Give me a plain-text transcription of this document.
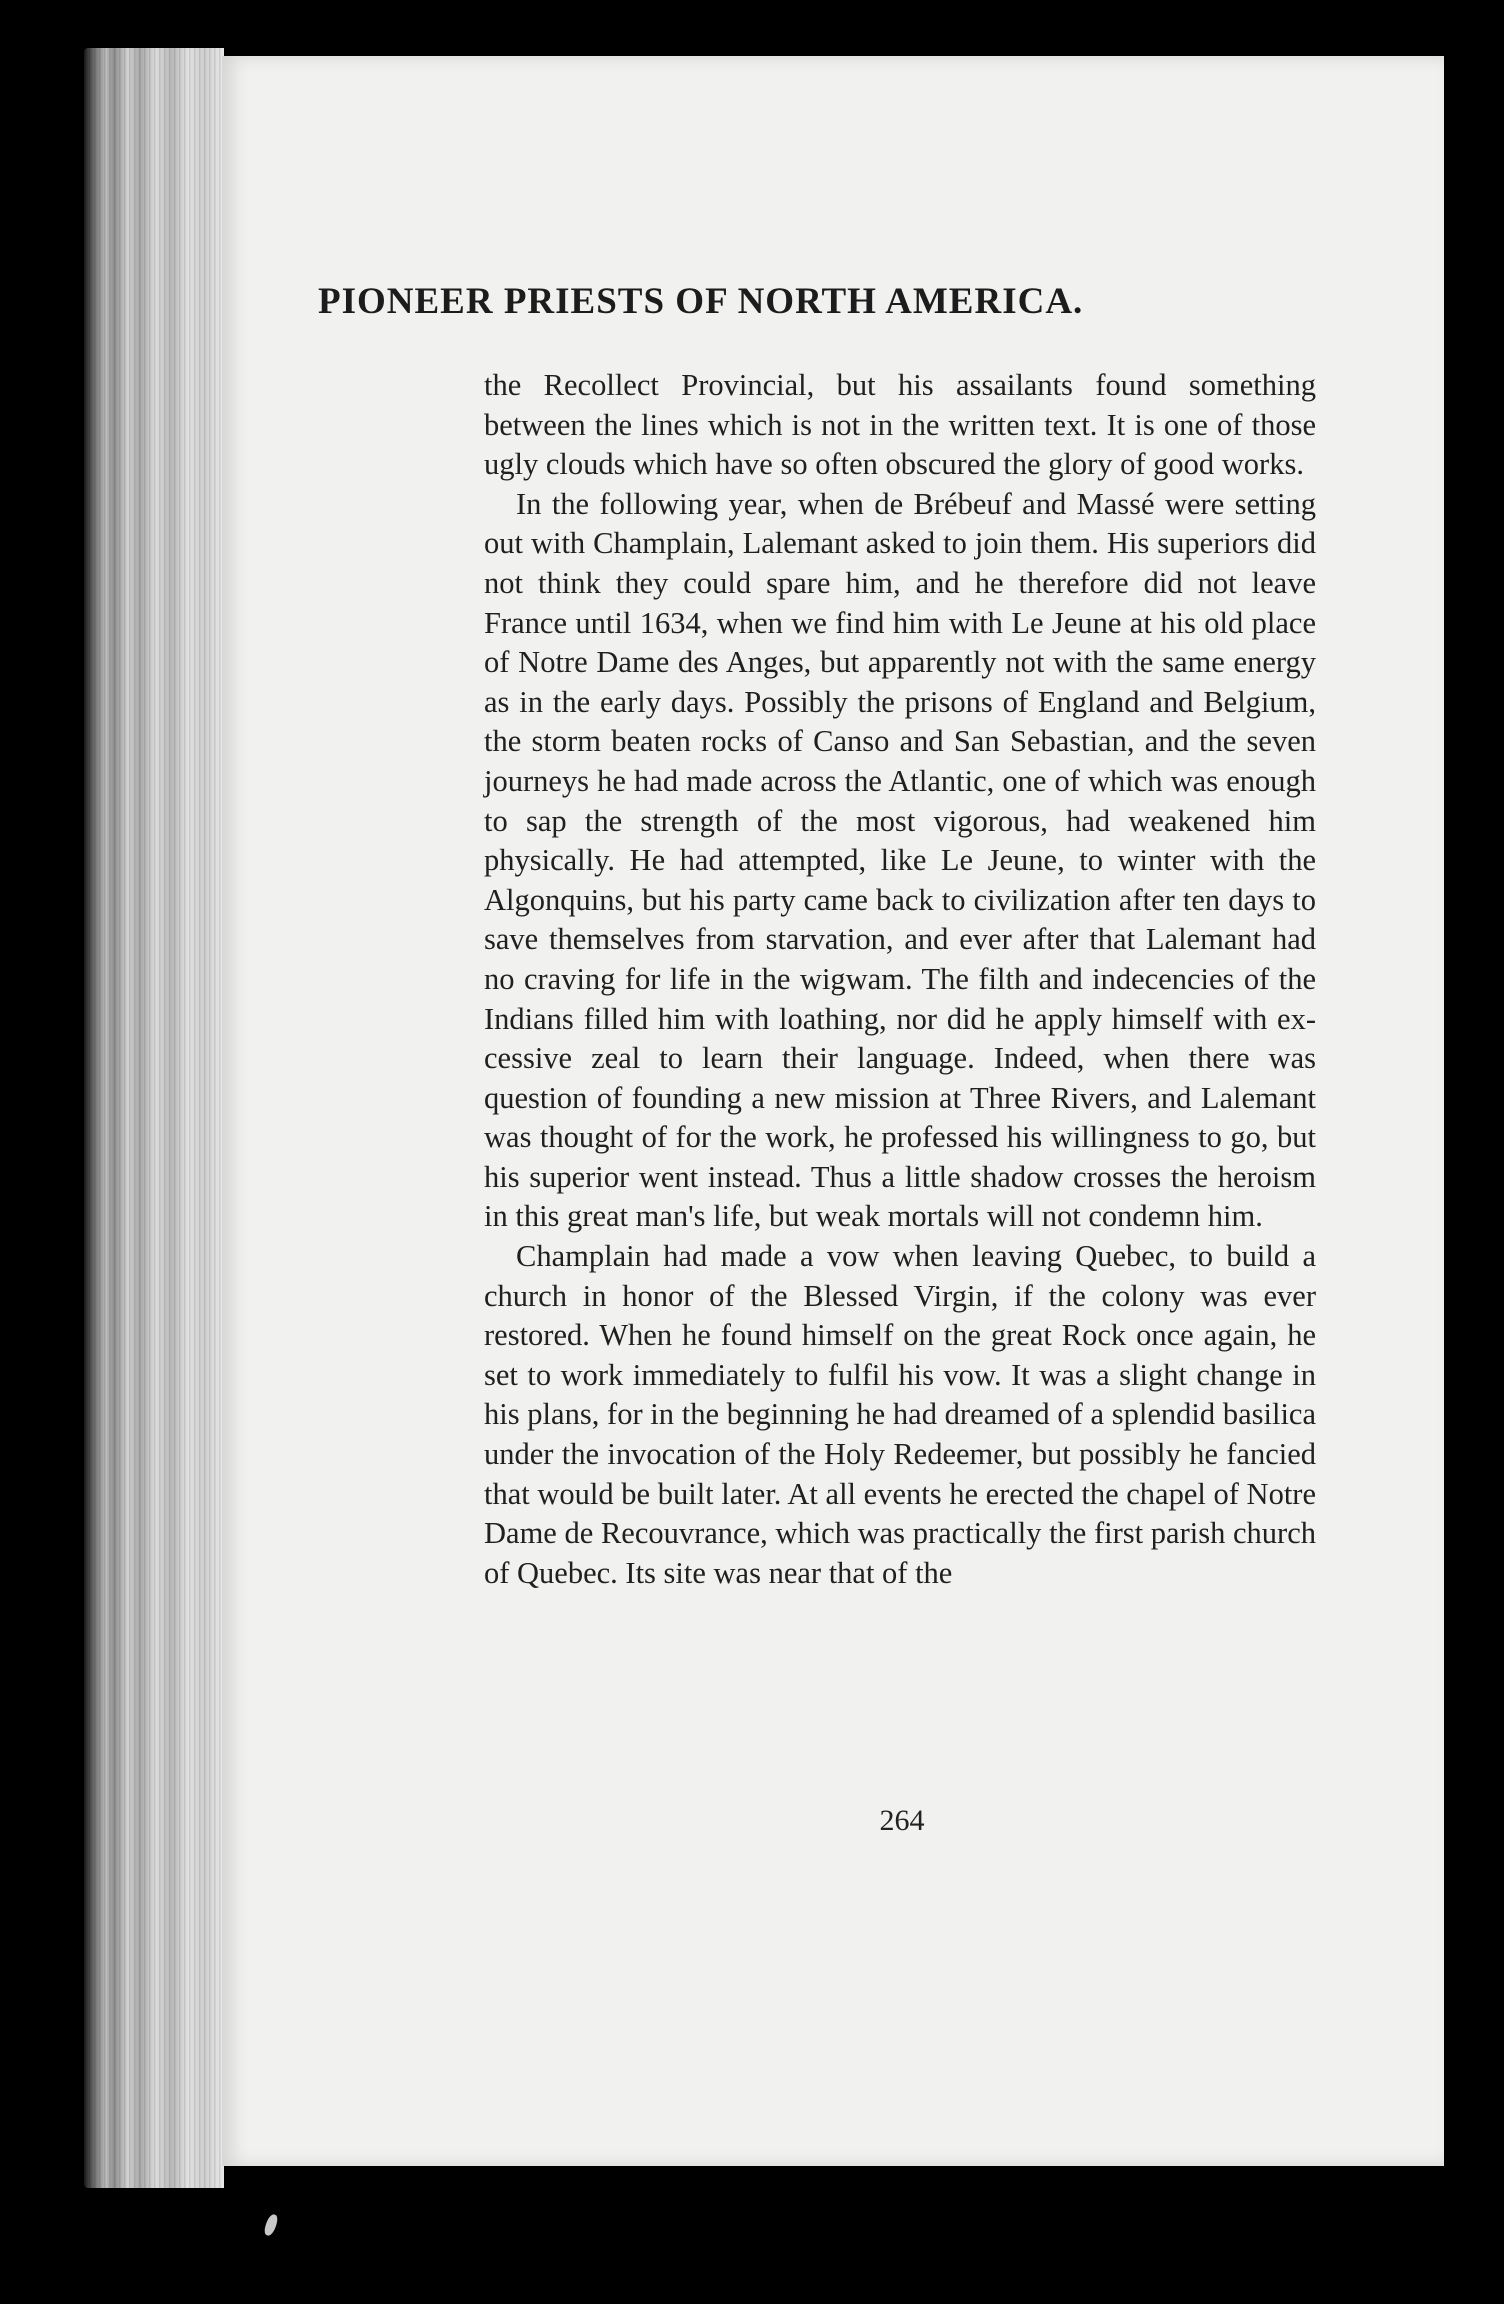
PIONEER PRIESTS OF NORTH AMERICA.

the Recollect Provincial, but his assailants found something between the lines which is not in the written text. It is one of those ugly clouds which have so often obscured the glory of good works.

In the following year, when de Brébeuf and Massé were setting out with Champlain, Lalemant asked to join them. His superiors did not think they could spare him, and he therefore did not leave France until 1634, when we find him with Le Jeune at his old place of Notre Dame des Anges, but apparently not with the same energy as in the early days. Possibly the prisons of England and Belgium, the storm beaten rocks of Canso and San Sebastian, and the seven journeys he had made across the Atlantic, one of which was enough to sap the strength of the most vigorous, had weakened him physically. He had attempted, like Le Jeune, to winter with the Algonquins, but his party came back to civilization after ten days to save themselves from starvation, and ever after that Lalemant had no craving for life in the wigwam. The filth and indecencies of the Indians filled him with loathing, nor did he apply himself with excessive zeal to learn their language. Indeed, when there was question of founding a new mission at Three Rivers, and Lalemant was thought of for the work, he professed his willingness to go, but his superior went instead. Thus a little shadow crosses the heroism in this great man's life, but weak mortals will not condemn him.

Champlain had made a vow when leaving Quebec, to build a church in honor of the Blessed Virgin, if the colony was ever restored. When he found himself on the great Rock once again, he set to work immediately to fulfil his vow. It was a slight change in his plans, for in the beginning he had dreamed of a splendid basilica under the invocation of the Holy Redeemer, but possibly he fancied that would be built later. At all events he erected the chapel of Notre Dame de Recouvrance, which was practically the first parish church of Quebec. Its site was near that of the

264
